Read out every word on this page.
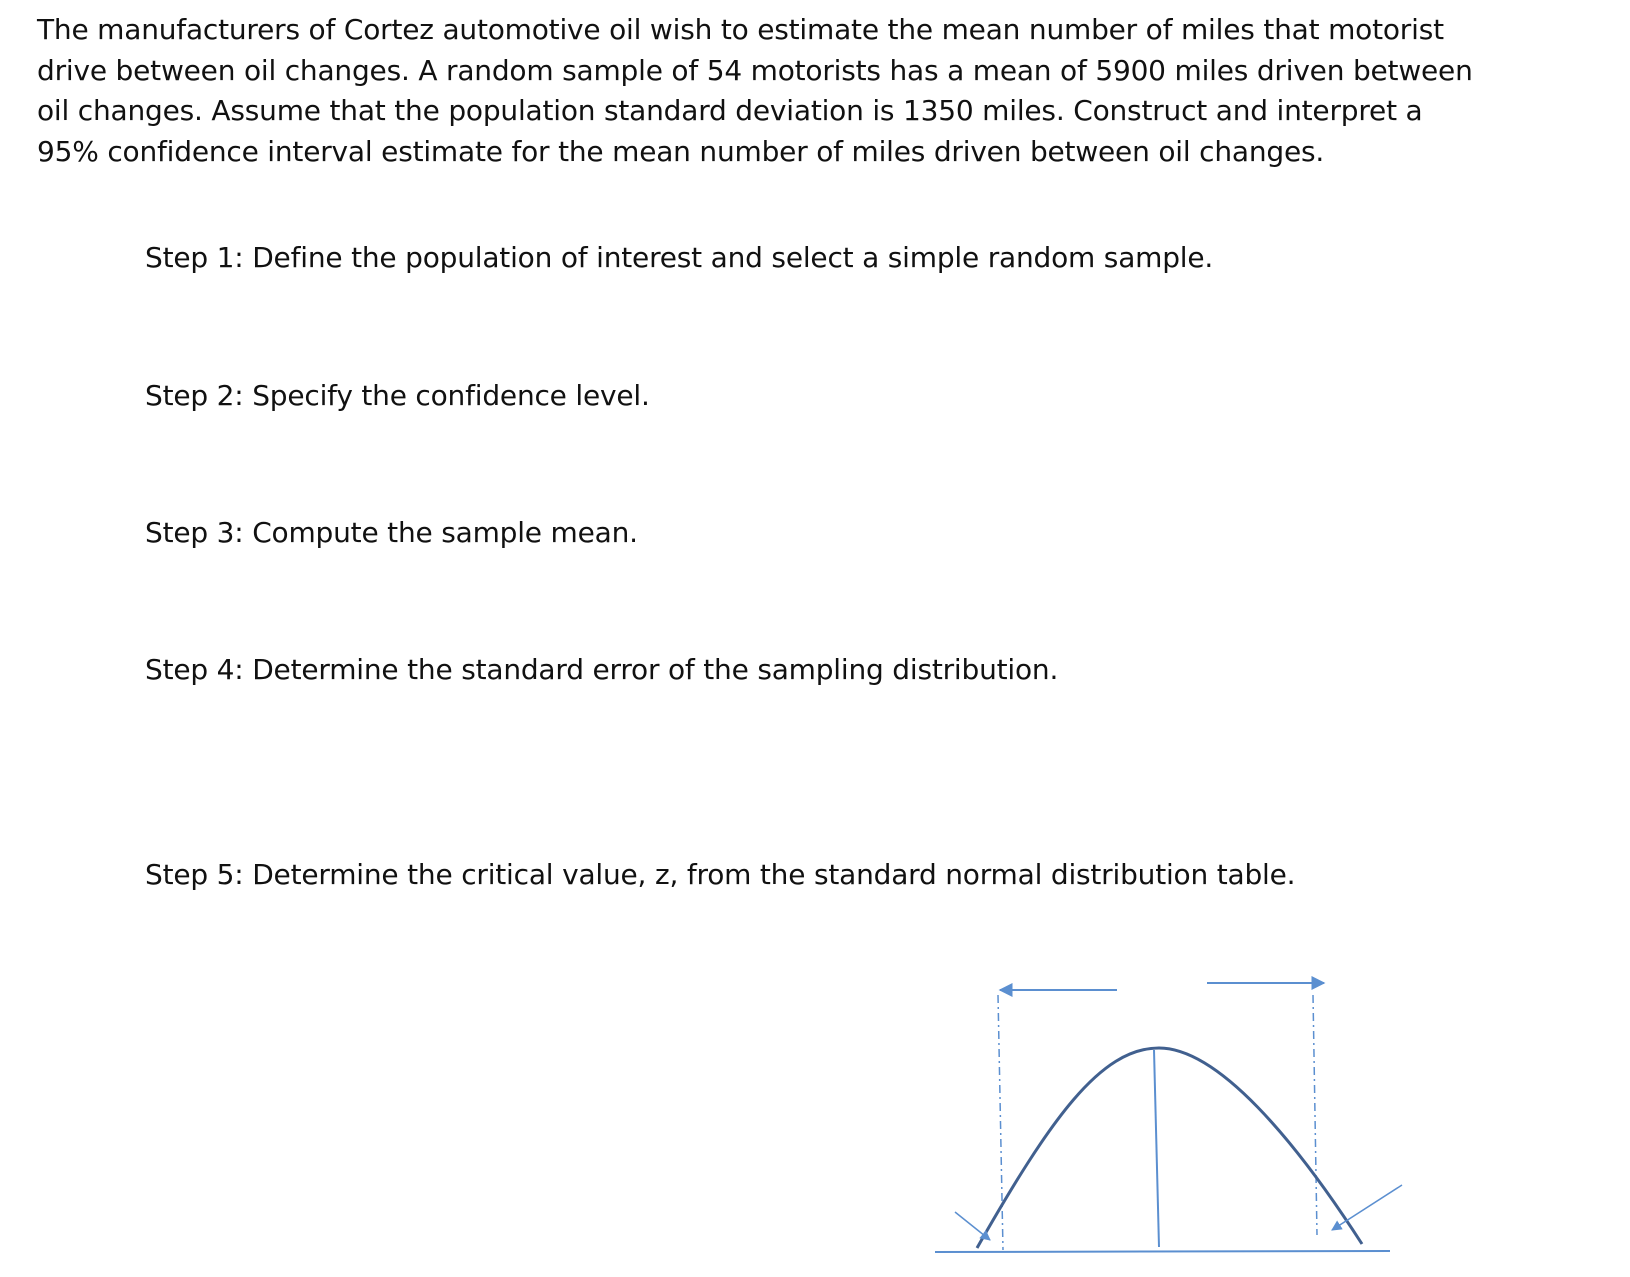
The manufacturers of Cortez automotive oil wish to estimate the mean number of miles that motorist
drive between oil changes. A random sample of 54 motorists has a mean of 5900 miles driven between
oil changes. Assume that the population standard deviation is 1350 miles. Construct and interpret a
95% confidence interval estimate for the mean number of miles driven between oil changes.
Step 1: Define the population of interest and select a simple random sample.
Step 2: Specify the confidence level.
Step 3: Compute the sample mean.
Step 4: Determine the standard error of the sampling distribution.
Step 5: Determine the critical value, z, from the standard normal distribution table.
